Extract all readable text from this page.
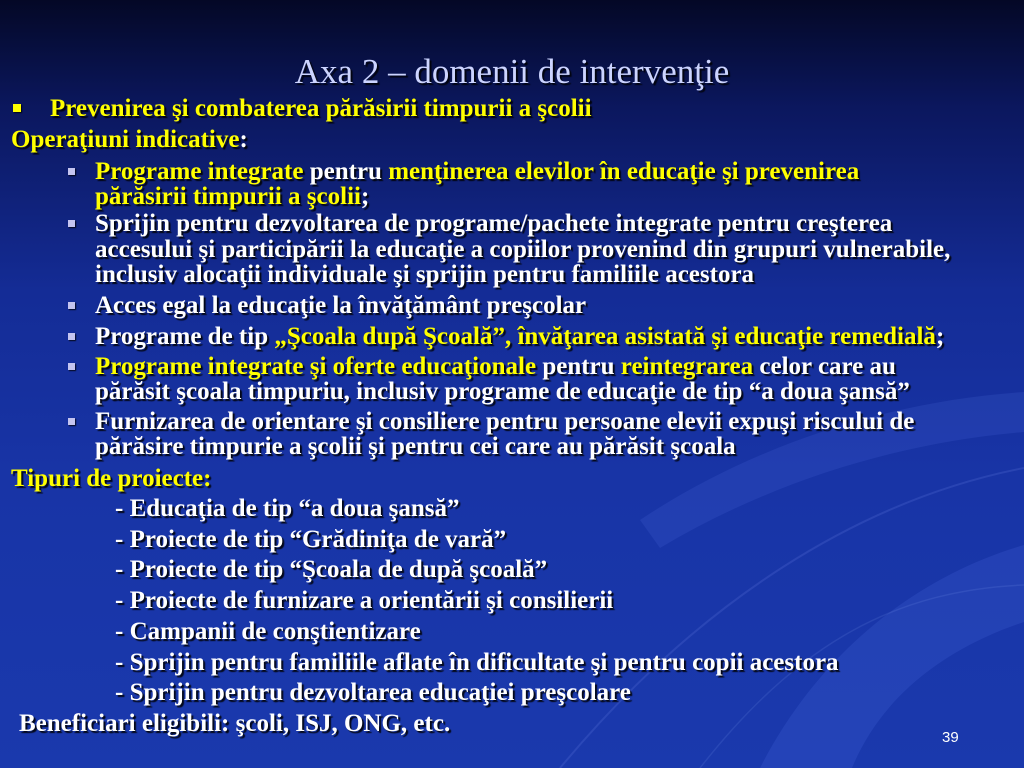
Axa 2 – domenii de intervenţie
Prevenirea şi combaterea părăsirii timpurii a şcolii
Operaţiuni indicative:
Programe integrate pentru menţinerea elevilor în educaţie şi prevenirea
părăsirii timpurii a şcolii;
Sprijin pentru dezvoltarea de programe/pachete integrate pentru creşterea
accesului şi participării la educaţie a copiilor provenind din grupuri vulnerabile,
inclusiv alocaţii individuale şi sprijin pentru familiile acestora
Acces egal la educaţie la învăţământ preşcolar
Programe de tip „Şcoala după Şcoală”, învăţarea asistată şi educaţie remedială;
Programe integrate şi oferte educaţionale pentru reintegrarea celor care au
părăsit şcoala timpuriu, inclusiv programe de educaţie de tip “a doua şansă”
Furnizarea de orientare şi consiliere pentru persoane elevii expuşi riscului de
părăsire timpurie a şcolii şi pentru cei care au părăsit şcoala
Tipuri de proiecte:
- Educaţia de tip “a doua şansă”
- Proiecte de tip “Grădiniţa de vară”
- Proiecte de tip “Şcoala de după şcoală”
- Proiecte de furnizare a orientării şi consilierii
- Campanii de conştientizare
- Sprijin pentru familiile aflate în dificultate şi pentru copii acestora
- Sprijin pentru dezvoltarea educaţiei preşcolare
Beneficiari eligibili: şcoli, ISJ, ONG, etc.
39
